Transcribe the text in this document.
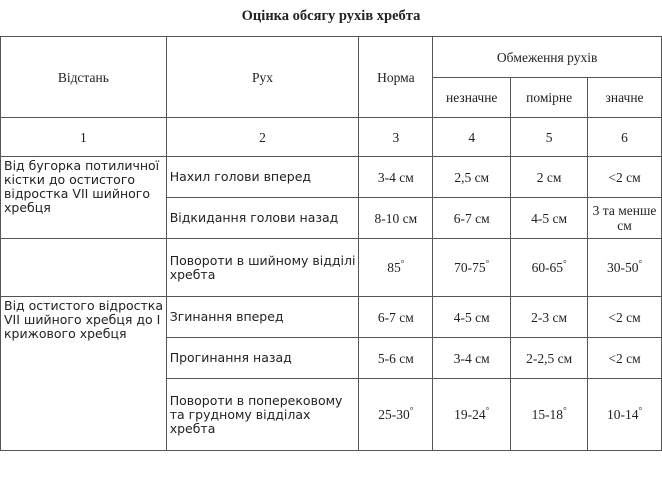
Оцінка обсягу рухів хребта
Відстань	Рух	Норма	Обмеження рухів		
			незначне	помірне	значне
1	2	3	4	5	6
Від бугорка потиличної кістки до остистого відростка VII шийного хребця	Нахил голови вперед	3-4 см	2,5 см	2 см	<2 см
	Відкидання голови назад	8-10 см	6-7 см	4-5 см	3 та менше см
	Повороти в шийному відділі хребта	85°	70-75°	60-65°	30-50°
Від остистого відростка VII шийного хребця до I крижового хребця	Згинання вперед	6-7 см	4-5 см	2-3 см	<2 см
	Прогинання назад	5-6 см	3-4 см	2-2,5 см	<2 см
	Повороти в поперековому та грудному відділах хребта	25-30°	19-24°	15-18°	10-14°
